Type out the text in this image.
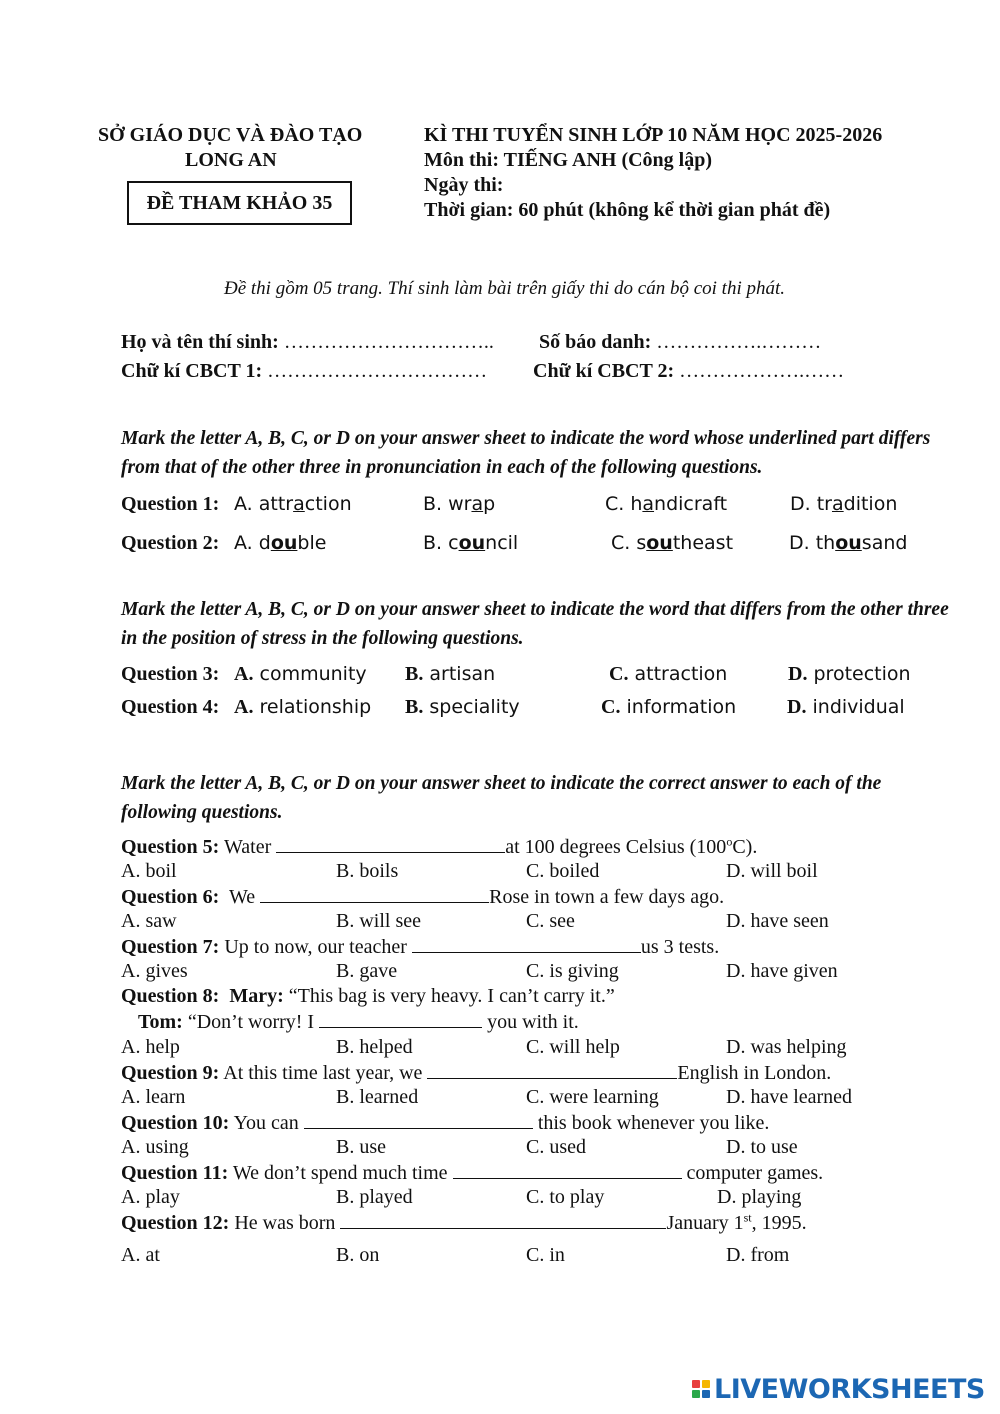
SỞ GIÁO DỤC VÀ ĐÀO TẠO
LONG AN
ĐỀ THAM KHẢO 35
KÌ THI TUYỂN SINH LỚP 10 NĂM HỌC 2025-2026
Môn thi: TIẾNG ANH (Công lập)
Ngày thi:
Thời gian: 60 phút (không kể thời gian phát đề)
Đề thi gồm 05 trang. Thí sinh làm bài trên giấy thi do cán bộ coi thi phát.
Họ và tên thí sinh: ………………………….. Số báo danh: …………….………
Chữ kí CBCT 1: …………………………… Chữ kí CBCT 2: ……………….……
Mark the letter A, B, C, or D on your answer sheet to indicate the word whose underlined part differs from that of the other three in pronunciation in each of the following questions.
Question 1: A. attraction	B. wrap	C. handicraft	D. tradition
Question 2: A. double	B. council	C. southeast	D. thousand
Mark the letter A, B, C, or D on your answer sheet to indicate the word that differs from the other three in the position of stress in the following questions.
Question 3: A. community B. artisan	C. attraction	D. protection
Question 4: A. relationship B. speciality	C. information	D. individual
Mark the letter A, B, C, or D on your answer sheet to indicate the correct answer to each of the following questions.
Question 5: Water	at 100 degrees Celsius (100$^o$C).
A. boil	B. boils	C. boiled	D. will boil
Question 6: We	Rose in town a few days ago.
A. saw	B. will see	C. see	D. have seen
Question 7: Up to now, our teacher	us 3 tests.
A. gives	B. gave	C. is giving	D. have given
Question 8: Mary: “This bag is very heavy. I can’t carry it.”
Tom: “Don’t worry! I	you with it.
A. help	B. helped	C. will help	D. was helping
Question 9: At this time last year, we	English in London.
A. learn	B. learned	C. were learning	D. have learned
Question 10: You can	this book whenever you like.
A. using	B. use	C. used	D. to use
Question 11: We don’t spend much time	computer games.
A. play	B. played	C. to play	D. playing
Question 12: He was born	January 1st, 1995.
A. at	B. on	C. in	D. from
LIVEWORKSHEETS
